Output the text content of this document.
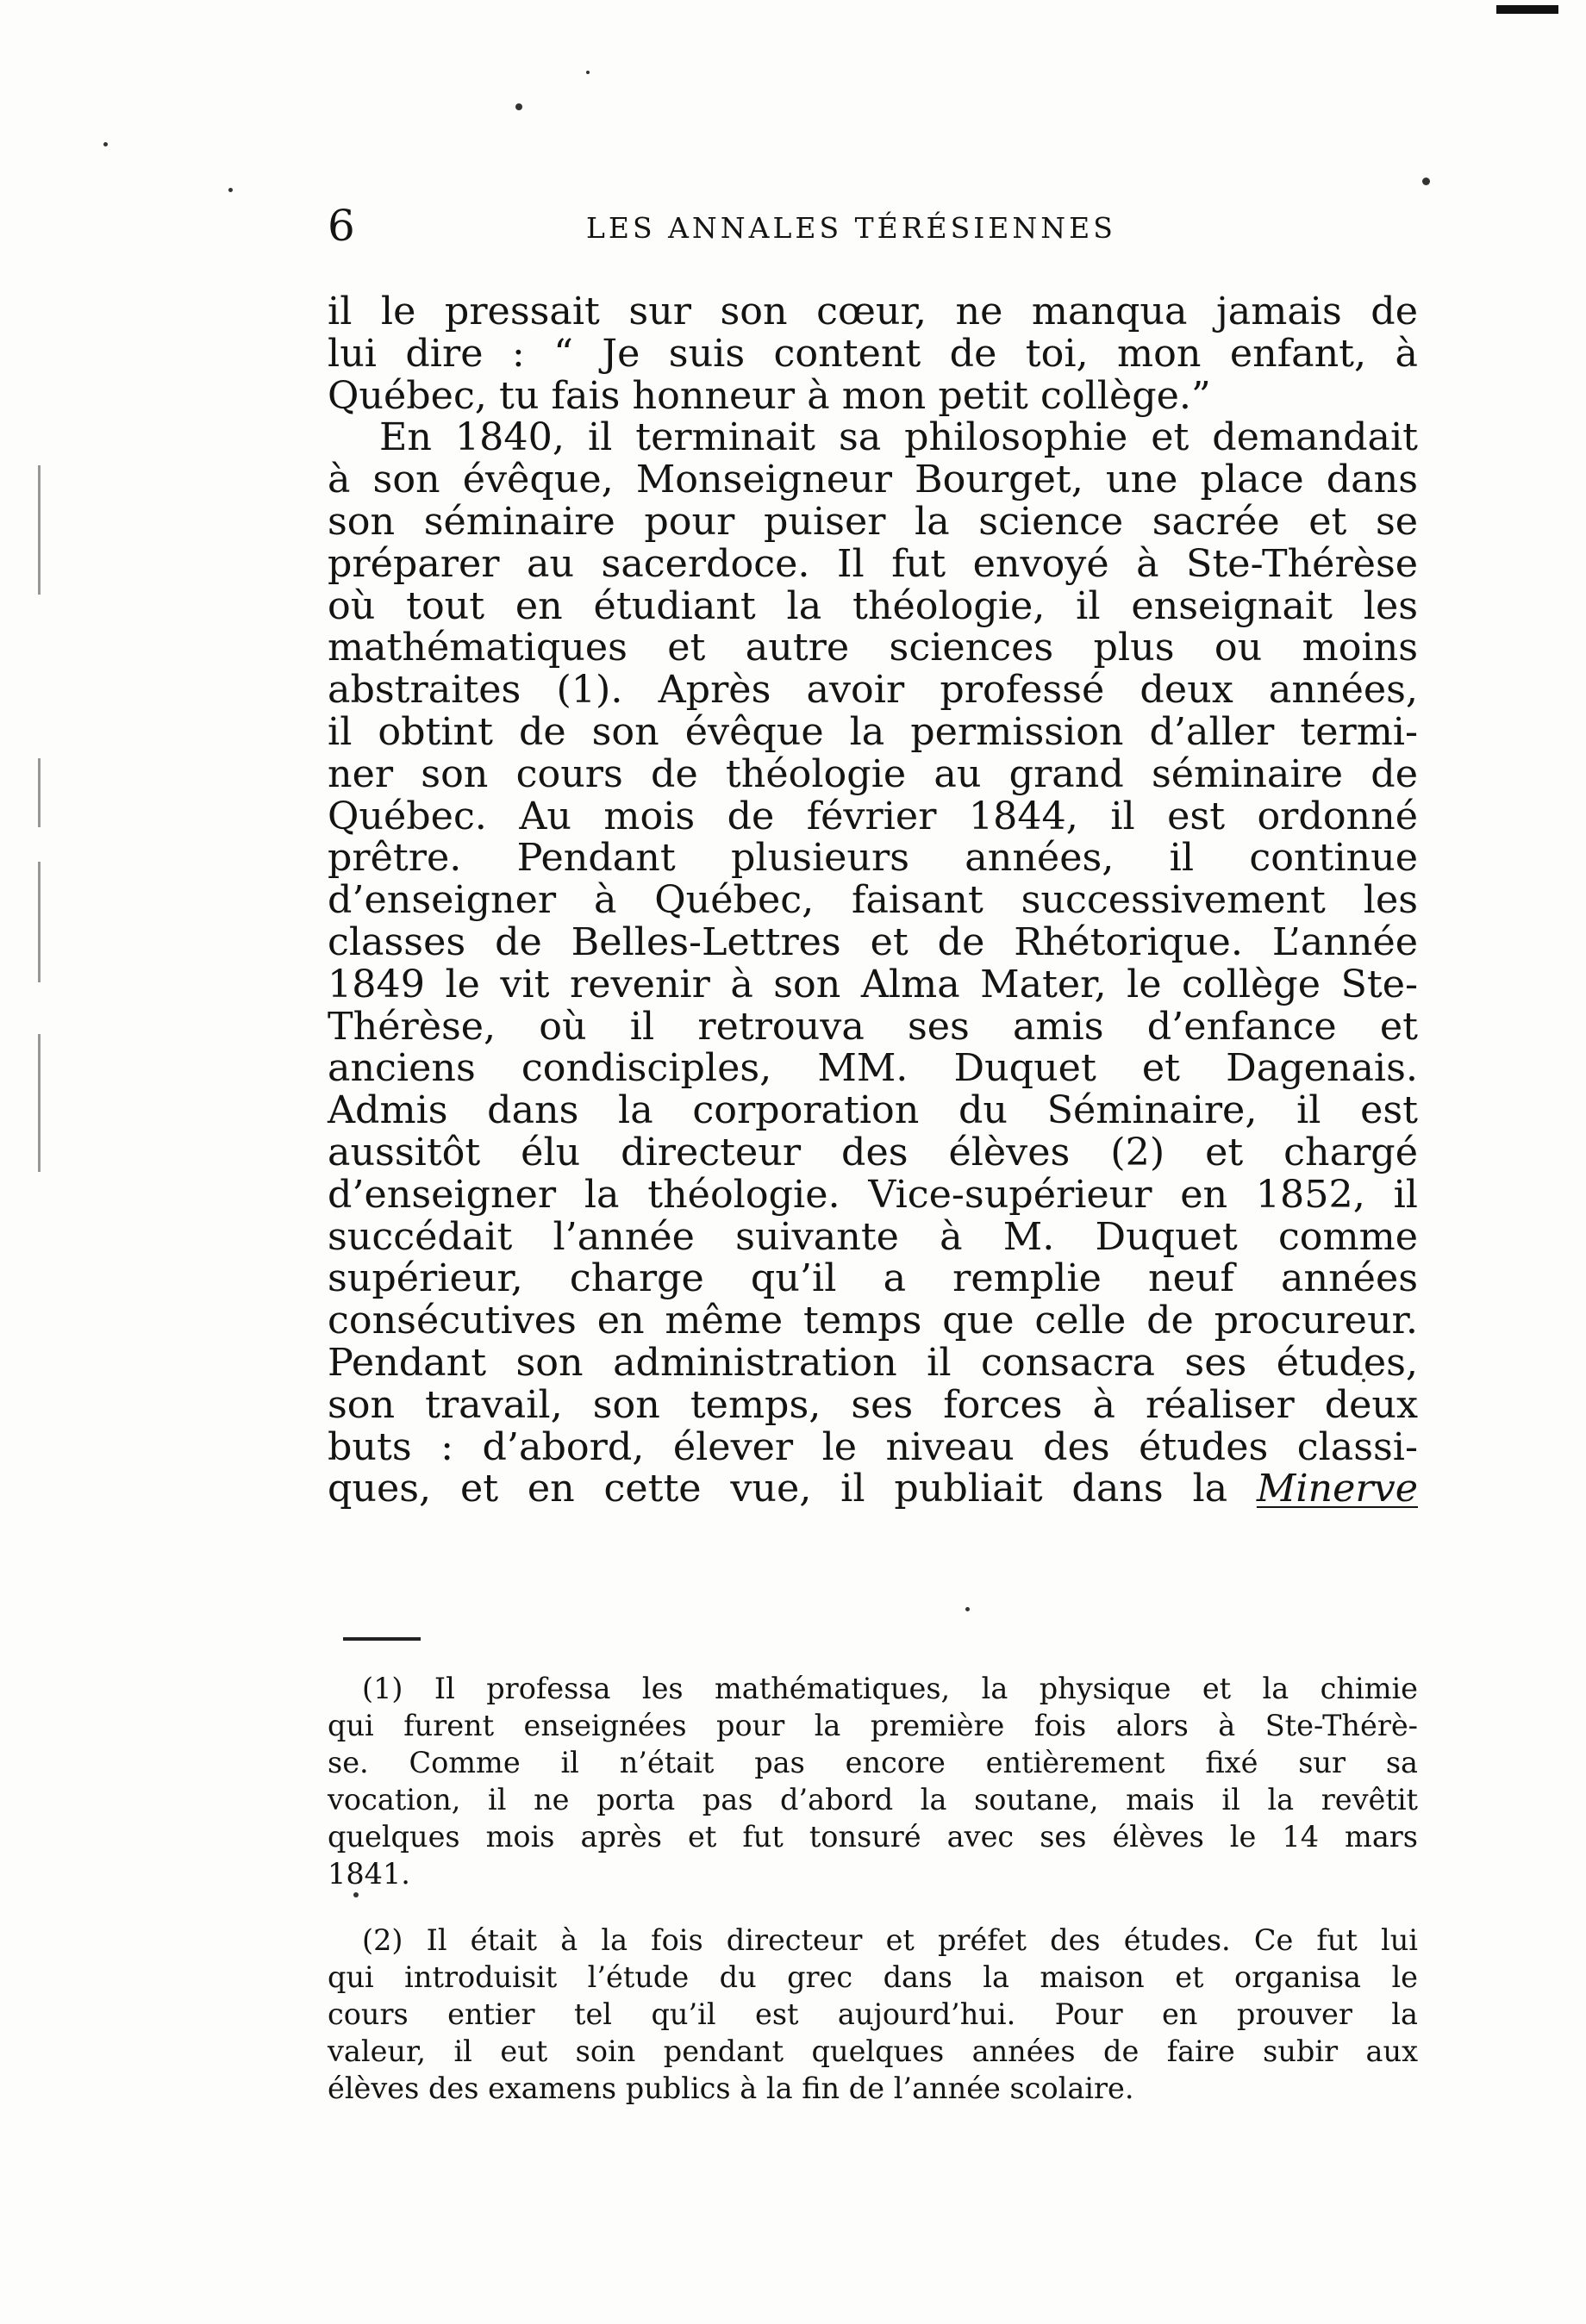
6	LES ANNALES TÉRÉSIENNES
il le pressait sur son cœur, ne manqua jamais de
lui dire : “ Je suis content de toi, mon enfant, à
Québec, tu fais honneur à mon petit collège.”
En 1840, il terminait sa philosophie et demandait
à son évêque, Monseigneur Bourget, une place dans
son séminaire pour puiser la science sacrée et se
préparer au sacerdoce. Il fut envoyé à Ste-Thérèse
où tout en étudiant la théologie, il enseignait les
mathématiques et autre sciences plus ou moins
abstraites (1). Après avoir professé deux années,
il obtint de son évêque la permission d’aller termi-
ner son cours de théologie au grand séminaire de
Québec. Au mois de février 1844, il est ordonné
prêtre. Pendant plusieurs années, il continue
d’enseigner à Québec, faisant successivement les
classes de Belles-Lettres et de Rhétorique. L’année
1849 le vit revenir à son Alma Mater, le collège Ste-
Thérèse, où il retrouva ses amis d’enfance et
anciens condisciples, MM. Duquet et Dagenais.
Admis dans la corporation du Séminaire, il est
aussitôt élu directeur des élèves (2) et chargé
d’enseigner la théologie. Vice-supérieur en 1852, il
succédait l’année suivante à M. Duquet comme
supérieur, charge qu’il a remplie neuf années
consécutives en même temps que celle de procureur.
Pendant son administration il consacra ses études,
son travail, son temps, ses forces à réaliser deux
buts : d’abord, élever le niveau des études classi-
ques, et en cette vue, il publiait dans la Minerve
(1) Il professa les mathématiques, la physique et la chimie
qui furent enseignées pour la première fois alors à Ste-Thérè-
se. Comme il n’était pas encore entièrement fixé sur sa
vocation, il ne porta pas d’abord la soutane, mais il la revêtit
quelques mois après et fut tonsuré avec ses élèves le 14 mars
1841.
(2) Il était à la fois directeur et préfet des études. Ce fut lui
qui introduisit l’étude du grec dans la maison et organisa le
cours entier tel qu’il est aujourd’hui. Pour en prouver la
valeur, il eut soin pendant quelques années de faire subir aux
élèves des examens publics à la fin de l’année scolaire.
